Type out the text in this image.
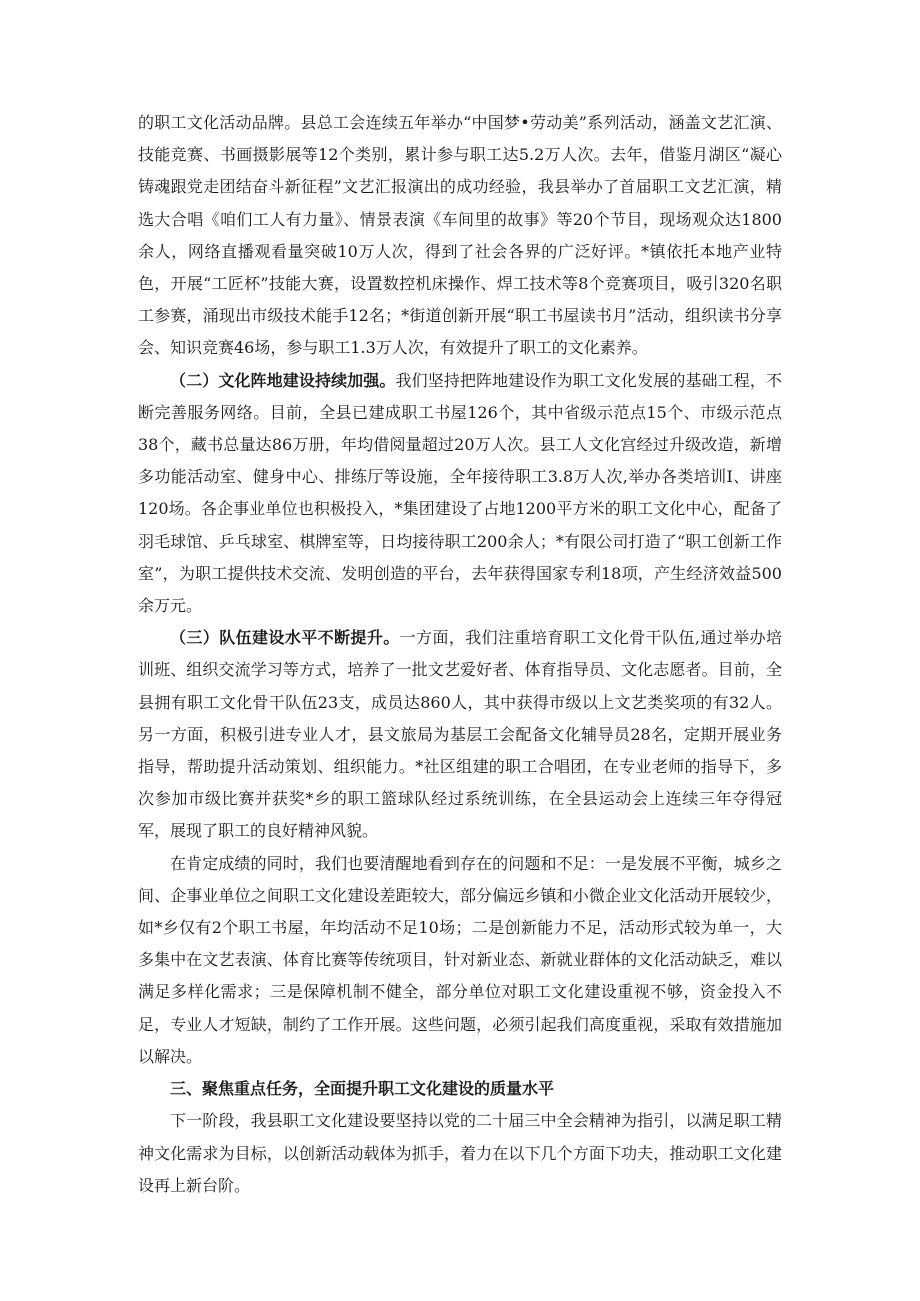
的职工文化活动品牌。县总工会连续五年举办“中国梦•劳动美”系列活动，涵盖文艺汇演、技能竞赛、书画摄影展等12个类别，累计参与职工达5.2万人次。去年，借鉴月湖区“凝心铸魂跟党走团结奋斗新征程”文艺汇报演出的成功经验，我县举办了首届职工文艺汇演，精选大合唱《咱们工人有力量》、情景表演《车间里的故事》等20个节目，现场观众达1800余人，网络直播观看量突破10万人次，得到了社会各界的广泛好评。*镇依托本地产业特色，开展“工匠杯”技能大赛，设置数控机床操作、焊工技术等8个竞赛项目，吸引320名职工参赛，涌现出市级技术能手12名；*街道创新开展“职工书屋读书月”活动，组织读书分享会、知识竞赛46场，参与职工1.3万人次，有效提升了职工的文化素养。

（二）文化阵地建设持续加强。我们坚持把阵地建设作为职工文化发展的基础工程，不断完善服务网络。目前，全县已建成职工书屋126个，其中省级示范点15个、市级示范点38个，藏书总量达86万册，年均借阅量超过20万人次。县工人文化宫经过升级改造，新增多功能活动室、健身中心、排练厅等设施，全年接待职工3.8万人次,举办各类培训I、讲座120场。各企事业单位也积极投入，*集团建设了占地1200平方米的职工文化中心，配备了羽毛球馆、乒乓球室、棋牌室等，日均接待职工200余人；*有限公司打造了“职工创新工作室”，为职工提供技术交流、发明创造的平台，去年获得国家专利18项，产生经济效益500余万元。

（三）队伍建设水平不断提升。一方面，我们注重培育职工文化骨干队伍,通过举办培训班、组织交流学习等方式，培养了一批文艺爱好者、体育指导员、文化志愿者。目前，全县拥有职工文化骨干队伍23支，成员达860人，其中获得市级以上文艺类奖项的有32人。另一方面，积极引进专业人才，县文旅局为基层工会配备文化辅导员28名，定期开展业务指导，帮助提升活动策划、组织能力。*社区组建的职工合唱团，在专业老师的指导下，多次参加市级比赛并获奖*乡的职工篮球队经过系统训练，在全县运动会上连续三年夺得冠军，展现了职工的良好精神风貌。

在肯定成绩的同时，我们也要清醒地看到存在的问题和不足：一是发展不平衡，城乡之间、企事业单位之间职工文化建设差距较大，部分偏远乡镇和小微企业文化活动开展较少，如*乡仅有2个职工书屋，年均活动不足10场；二是创新能力不足，活动形式较为单一，大多集中在文艺表演、体育比赛等传统项目，针对新业态、新就业群体的文化活动缺乏，难以满足多样化需求；三是保障机制不健全，部分单位对职工文化建设重视不够，资金投入不足，专业人才短缺，制约了工作开展。这些问题，必须引起我们高度重视，采取有效措施加以解决。

三、聚焦重点任务，全面提升职工文化建设的质量水平

下一阶段，我县职工文化建设要坚持以党的二十届三中全会精神为指引，以满足职工精神文化需求为目标，以创新活动载体为抓手，着力在以下几个方面下功夫，推动职工文化建设再上新台阶。
